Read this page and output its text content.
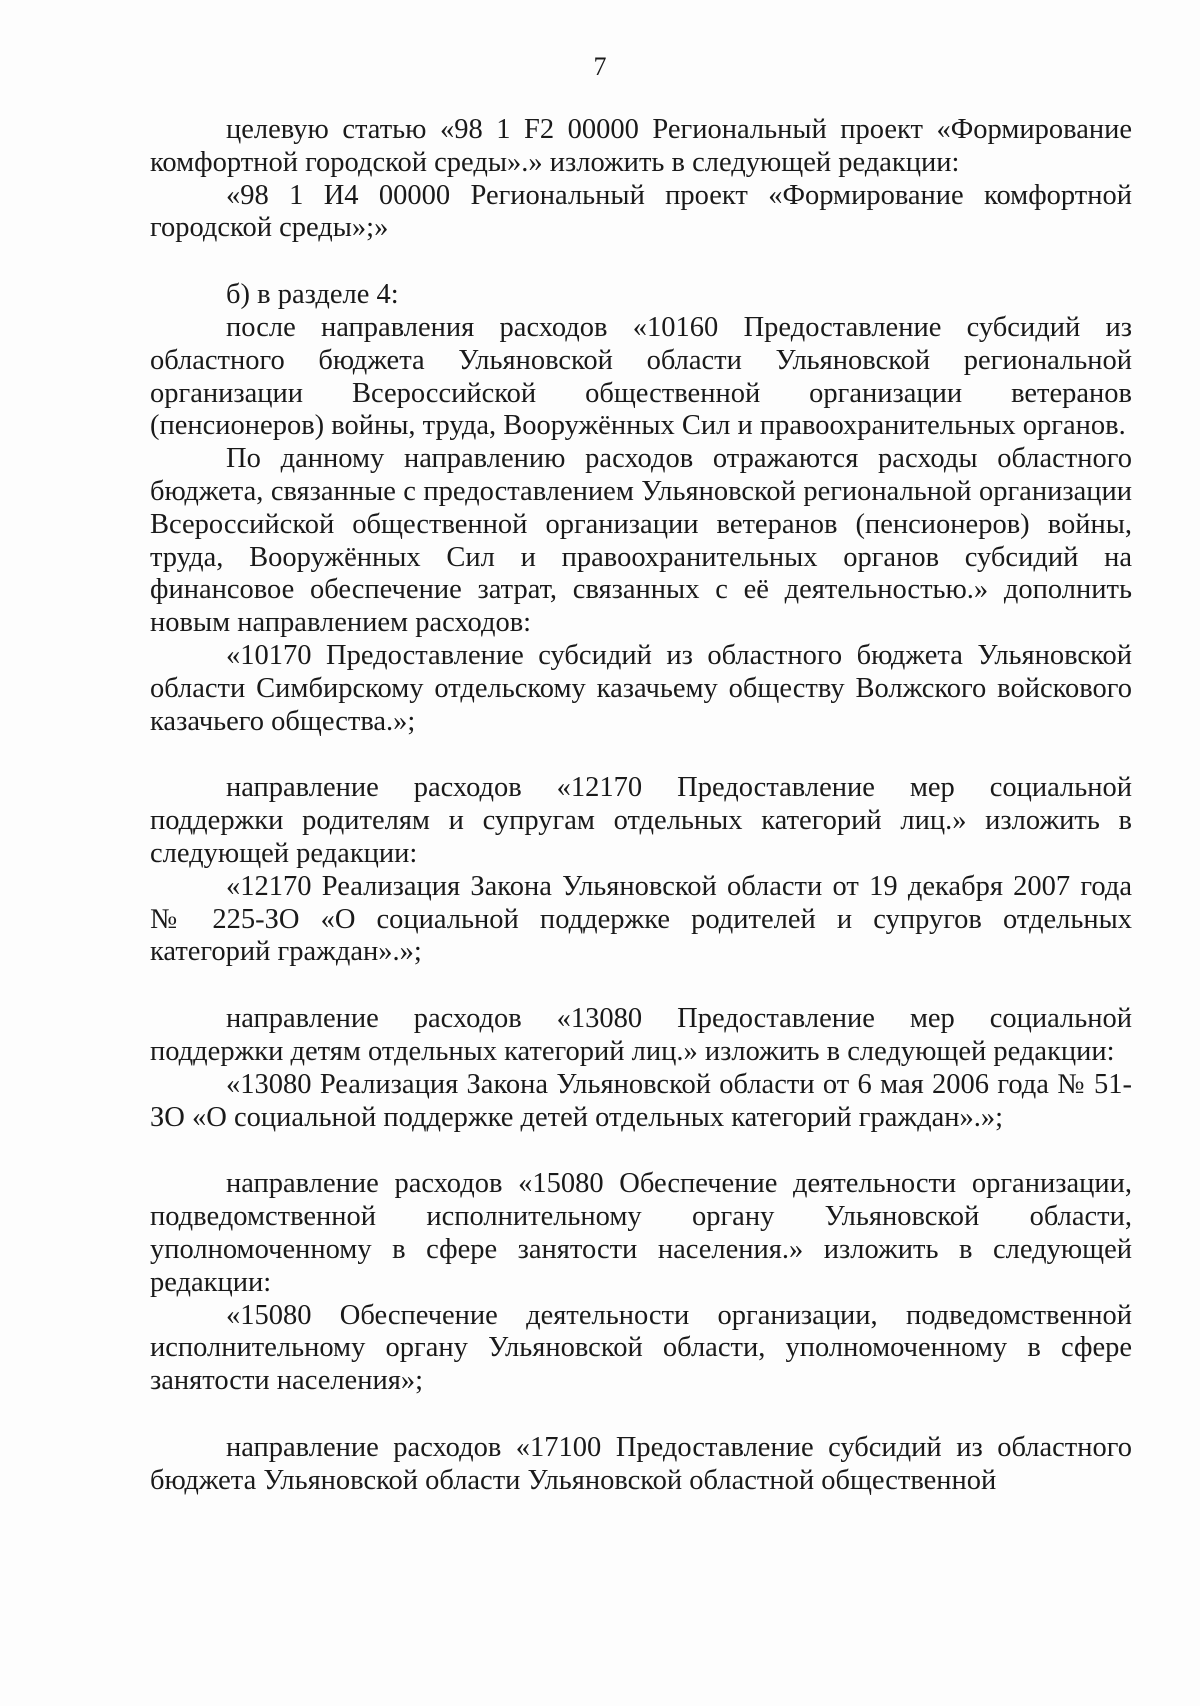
7

целевую статью «98 1 F2 00000 Региональный проект «Формирование комфортной городской среды».» изложить в следующей редакции:

«98 1 И4 00000 Региональный проект «Формирование комфортной городской среды»;»

б) в разделе 4:

после направления расходов «10160 Предоставление субсидий из областного бюджета Ульяновской области Ульяновской региональной организации Всероссийской общественной организации ветеранов (пенсионеров) войны, труда, Вооружённых Сил и правоохранительных органов.

По данному направлению расходов отражаются расходы областного бюджета, связанные с предоставлением Ульяновской региональной организации Всероссийской общественной организации ветеранов (пенсионеров) войны, труда, Вооружённых Сил и правоохранительных органов субсидий на финансовое обеспечение затрат, связанных с её деятельностью.» дополнить новым направлением расходов:

«10170 Предоставление субсидий из областного бюджета Ульяновской области Симбирскому отдельскому казачьему обществу Волжского войскового казачьего общества.»;

направление расходов «12170 Предоставление мер социальной поддержки родителям и супругам отдельных категорий лиц.» изложить в следующей редакции:

«12170 Реализация Закона Ульяновской области от 19 декабря 2007 года № 225-ЗО «О социальной поддержке родителей и супругов отдельных категорий граждан».»;

направление расходов «13080 Предоставление мер социальной поддержки детям отдельных категорий лиц.» изложить в следующей редакции:

«13080 Реализация Закона Ульяновской области от 6 мая 2006 года № 51-ЗО «О социальной поддержке детей отдельных категорий граждан».»;

направление расходов «15080 Обеспечение деятельности организации, подведомственной исполнительному органу Ульяновской области, уполномоченному в сфере занятости населения.» изложить в следующей редакции:

«15080 Обеспечение деятельности организации, подведомственной исполнительному органу Ульяновской области, уполномоченному в сфере занятости населения»;

направление расходов «17100 Предоставление субсидий из областного бюджета Ульяновской области Ульяновской областной общественной
